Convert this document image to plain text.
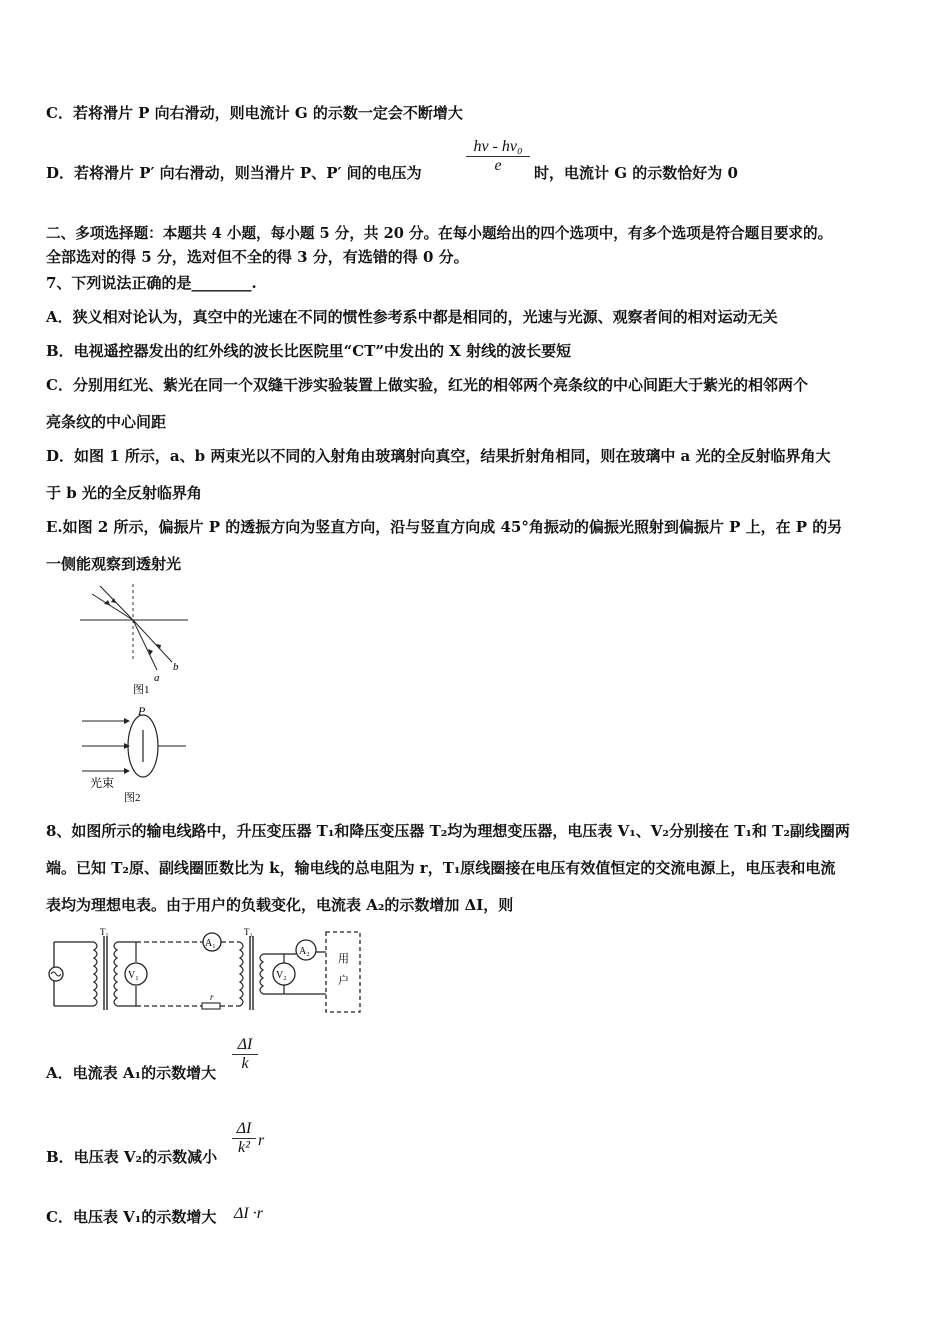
C．若将滑片 P 向右滑动，则电流计 G 的示数一定会不断增大
D．若将滑片 P′ 向右滑动，则当滑片 P、P′ 间的电压为	$\frac{\text{hν - hν₀}}{e}$ 时，电流计 G 的示数恰好为 0
二、多项选择题：本题共 4 小题，每小题 5 分，共 20 分。在每小题给出的四个选项中，有多个选项是符合题目要求的。
全部选对的得 5 分，选对但不全的得 3 分，有选错的得 0 分。
7、下列说法正确的是________.
A．狭义相对论认为，真空中的光速在不同的惯性参考系中都是相同的，光速与光源、观察者间的相对运动无关
B．电视遥控器发出的红外线的波长比医院里“CT”中发出的 X 射线的波长要短
C．分别用红光、紫光在同一个双缝干涉实验装置上做实验，红光的相邻两个亮条纹的中心间距大于紫光的相邻两个
亮条纹的中心间距
D．如图 1 所示，a、b 两束光以不同的入射角由玻璃射向真空，结果折射角相同，则在玻璃中 a 光的全反射临界角大
于 b 光的全反射临界角
E.如图 2 所示，偏振片 P 的透振方向为竖直方向，沿与竖直方向成 45°角振动的偏振光照射到偏振片 P 上，在 P 的另
一侧能观察到透射光
a
b
图1
P
光束
图2
8、如图所示的输电线路中，升压变压器 T₁和降压变压器 T₂均为理想变压器，电压表 V₁、V₂分别接在 T₁和 T₂副线圈两
端。已知 T₂原、副线圈匝数比为 k，输电线的总电阻为 r，T₁原线圈接在电压有效值恒定的交流电源上，电压表和电流
表均为理想电表。由于用户的负载变化，电流表 A₂的示数增加 ΔI，则
T₁
V₁
A₁
r
T₂
V₂
A₂
用
户
A．电流表 A₁的示数增大 $\frac{\Delta I}{k}$
B．电压表 V₂的示数减小 $\frac{\Delta I}{\text{k²}}$ r
C．电压表 V₁的示数增大 ΔI ·r
